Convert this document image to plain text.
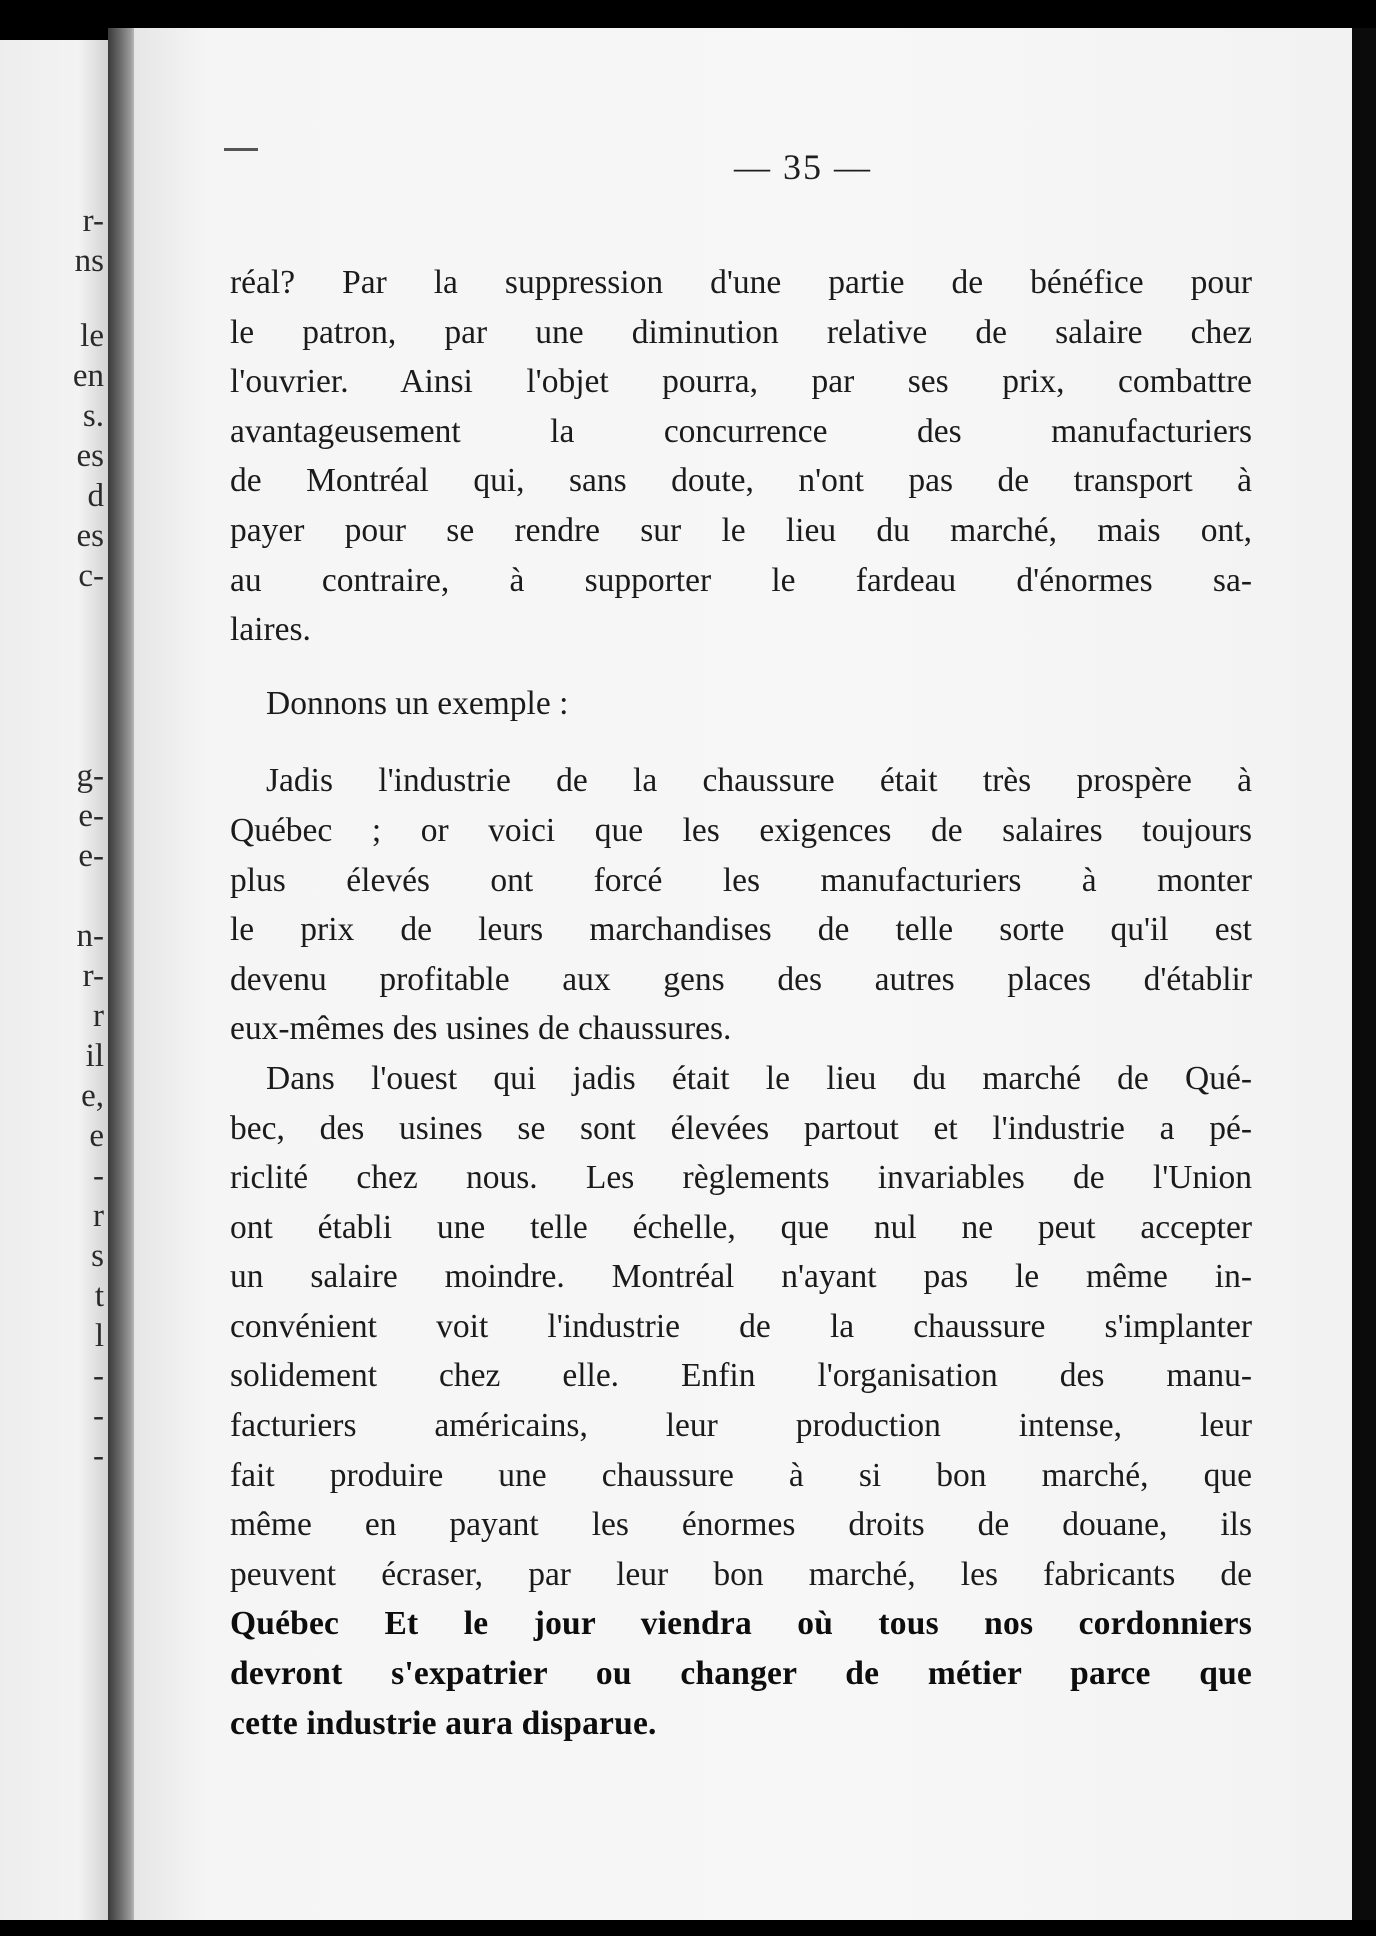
r-
ns
le
en
s.
es
d
es
c-
g-
e-
e-
n-
r-
r
il
e,
e
-
r
s
t
l
-
-
-
— 35 —
réal? Par la suppression d'une partie de bénéfice pour
le patron, par une diminution relative de salaire chez
l'ouvrier. Ainsi l'objet pourra, par ses prix, combattre
avantageusement la concurrence des manufacturiers
de Montréal qui, sans doute, n'ont pas de transport à
payer pour se rendre sur le lieu du marché, mais ont,
au contraire, à supporter le fardeau d'énormes sa-
laires.
Donnons un exemple :
Jadis l'industrie de la chaussure était très prospère à
Québec ; or voici que les exigences de salaires toujours
plus élevés ont forcé les manufacturiers à monter
le prix de leurs marchandises de telle sorte qu'il est
devenu profitable aux gens des autres places d'établir
eux-mêmes des usines de chaussures.
Dans l'ouest qui jadis était le lieu du marché de Qué-
bec, des usines se sont élevées partout et l'industrie a pé-
riclité chez nous. Les règlements invariables de l'Union
ont établi une telle échelle, que nul ne peut accepter
un salaire moindre. Montréal n'ayant pas le même in-
convénient voit l'industrie de la chaussure s'implanter
solidement chez elle. Enfin l'organisation des manu-
facturiers américains, leur production intense, leur
fait produire une chaussure à si bon marché, que
même en payant les énormes droits de douane, ils
peuvent écraser, par leur bon marché, les fabricants de
Québec Et le jour viendra où tous nos cordonniers
devront s'expatrier ou changer de métier parce que
cette industrie aura disparue.
